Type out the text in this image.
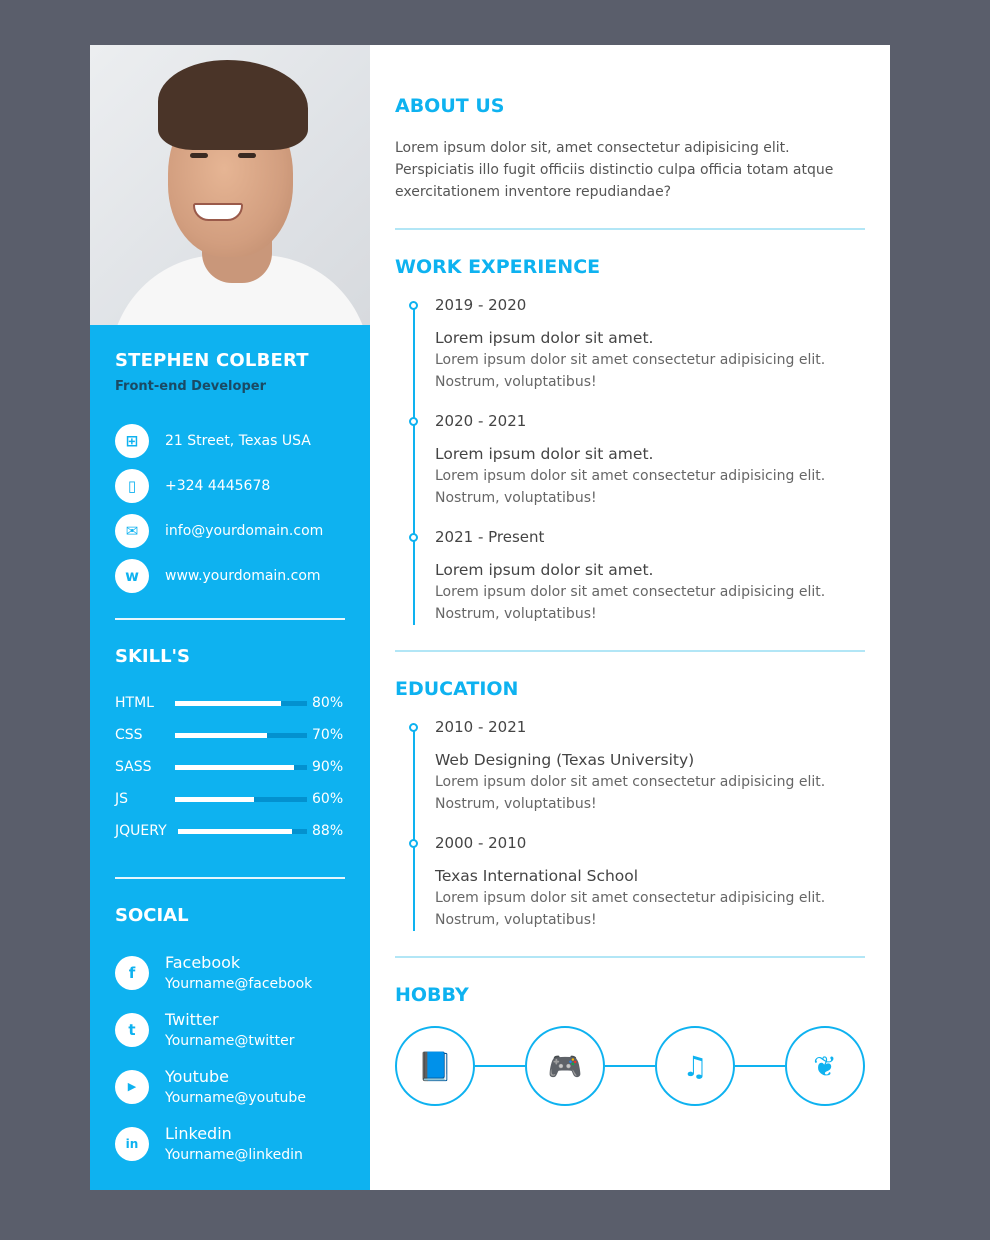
STEPHEN COLBERT
Front-end Developer
⊞	21 Street, Texas USA
▯	+324 4445678
✉	info@yourdomain.com
w	www.yourdomain.com
SKILL'S
HTML	80%
CSS	70%
SASS	90%
JS	60%
JQUERY	88%
SOCIAL
f
Facebook
Yourname@facebook
t
Twitter
Yourname@twitter
▶
Youtube
Yourname@youtube
in
Linkedin
Yourname@linkedin
ABOUT US

Lorem ipsum dolor sit, amet consectetur adipisicing elit. Perspiciatis illo fugit officiis distinctio culpa officia totam atque exercitationem inventore repudiandae?

WORK EXPERIENCE
2019 - 2020
Lorem ipsum dolor sit amet.
Lorem ipsum dolor sit amet consectetur adipisicing elit. Nostrum, voluptatibus!
2020 - 2021
Lorem ipsum dolor sit amet.
Lorem ipsum dolor sit amet consectetur adipisicing elit. Nostrum, voluptatibus!
2021 - Present
Lorem ipsum dolor sit amet.
Lorem ipsum dolor sit amet consectetur adipisicing elit. Nostrum, voluptatibus!
EDUCATION
2010 - 2021
Web Designing (Texas University)
Lorem ipsum dolor sit amet consectetur adipisicing elit. Nostrum, voluptatibus!
2000 - 2010
Texas International School
Lorem ipsum dolor sit amet consectetur adipisicing elit. Nostrum, voluptatibus!
HOBBY
📘	🎮	♫	❦
